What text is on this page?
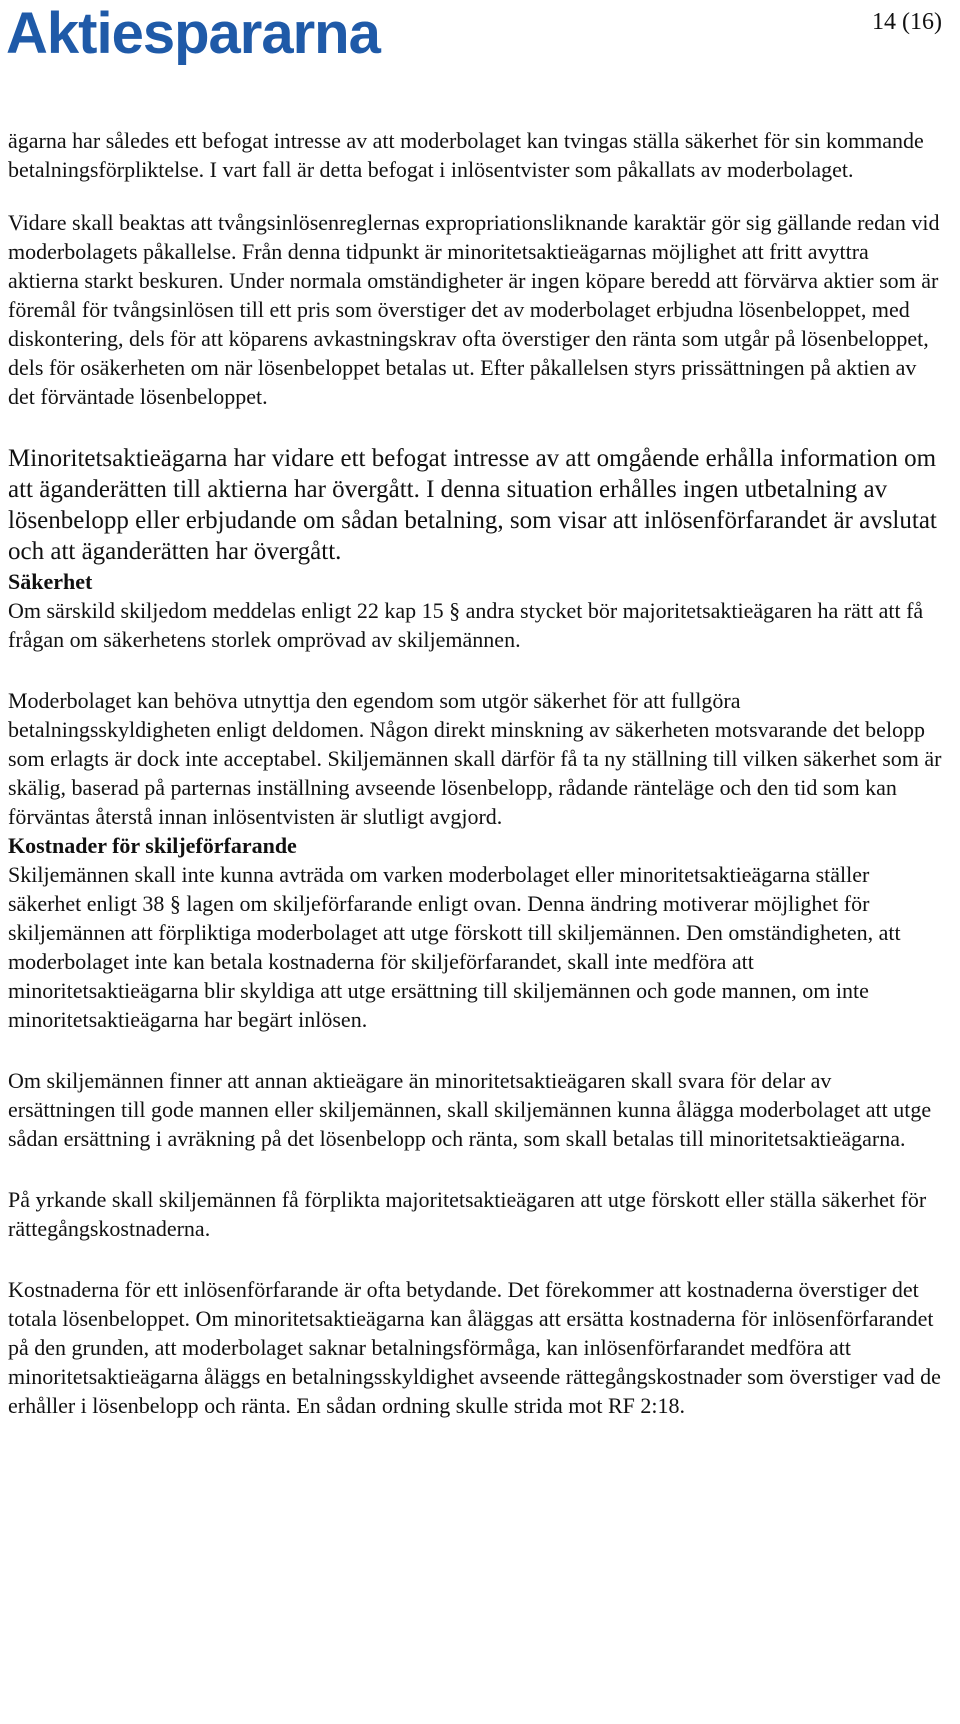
Aktiespararna	14 (16)

ägarna har således ett befogat intresse av att moderbolaget kan tvingas ställa säkerhet för sin kommande betalningsförpliktelse. I vart fall är detta befogat i inlösentvister som påkallats av moderbolaget.

Vidare skall beaktas att tvångsinlösenreglernas expropriationsliknande karaktär gör sig gällande redan vid moderbolagets påkallelse. Från denna tidpunkt är minoritetsaktieägarnas möjlighet att fritt avyttra aktierna starkt beskuren. Under normala omständigheter är ingen köpare beredd att förvärva aktier som är föremål för tvångsinlösen till ett pris som överstiger det av moderbolaget erbjudna lösenbeloppet, med diskontering, dels för att köparens avkastningskrav ofta överstiger den ränta som utgår på lösenbeloppet, dels för osäkerheten om när lösenbeloppet betalas ut. Efter påkallelsen styrs prissättningen på aktien av det förväntade lösenbeloppet.

Minoritetsaktieägarna har vidare ett befogat intresse av att omgående erhålla information om att äganderätten till aktierna har övergått. I denna situation erhålles ingen utbetalning av lösenbelopp eller erbjudande om sådan betalning, som visar att inlösenförfarandet är avslutat och att äganderätten har övergått.

Säkerhet

Om särskild skiljedom meddelas enligt 22 kap 15 § andra stycket bör majoritetsaktieägaren ha rätt att få frågan om säkerhetens storlek omprövad av skiljemännen.

Moderbolaget kan behöva utnyttja den egendom som utgör säkerhet för att fullgöra betalningsskyldigheten enligt deldomen. Någon direkt minskning av säkerheten motsvarande det belopp som erlagts är dock inte acceptabel. Skiljemännen skall därför få ta ny ställning till vilken säkerhet som är skälig, baserad på parternas inställning avseende lösenbelopp, rådande ränteläge och den tid som kan förväntas återstå innan inlösentvisten är slutligt avgjord.

Kostnader för skiljeförfarande

Skiljemännen skall inte kunna avträda om varken moderbolaget eller minoritetsaktieägarna ställer säkerhet enligt 38 § lagen om skiljeförfarande enligt ovan. Denna ändring motiverar möjlighet för skiljemännen att förpliktiga moderbolaget att utge förskott till skiljemännen. Den omständigheten, att moderbolaget inte kan betala kostnaderna för skiljeförfarandet, skall inte medföra att minoritetsaktieägarna blir skyldiga att utge ersättning till skiljemännen och gode mannen, om inte minoritetsaktieägarna har begärt inlösen.

Om skiljemännen finner att annan aktieägare än minoritetsaktieägaren skall svara för delar av ersättningen till gode mannen eller skiljemännen, skall skiljemännen kunna ålägga moderbolaget att utge sådan ersättning i avräkning på det lösenbelopp och ränta, som skall betalas till minoritetsaktieägarna.

På yrkande skall skiljemännen få förplikta majoritetsaktieägaren att utge förskott eller ställa säkerhet för rättegångskostnaderna.

Kostnaderna för ett inlösenförfarande är ofta betydande. Det förekommer att kostnaderna överstiger det totala lösenbeloppet. Om minoritetsaktieägarna kan åläggas att ersätta kostnaderna för inlösenförfarandet på den grunden, att moderbolaget saknar betalningsförmåga, kan inlösenförfarandet medföra att minoritetsaktieägarna åläggs en betalningsskyldighet avseende rättegångskostnader som överstiger vad de erhåller i lösenbelopp och ränta. En sådan ordning skulle strida mot RF 2:18.
